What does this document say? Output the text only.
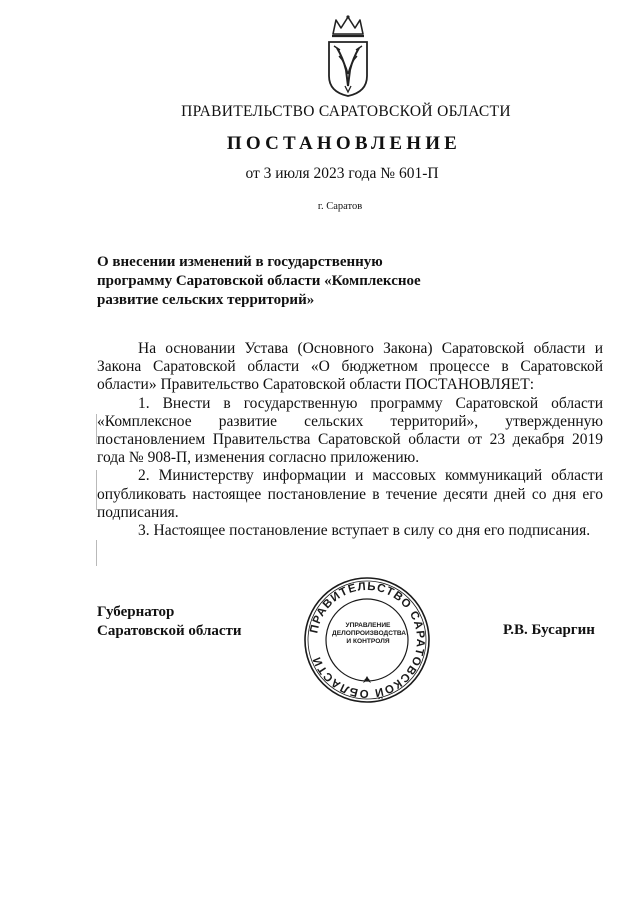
ПРАВИТЕЛЬСТВО САРАТОВСКОЙ ОБЛАСТИ
ПОСТАНОВЛЕНИЕ
от 3 июля 2023 года № 601-П
г. Саратов
О внесении изменений в государственную
программу Саратовской области «Комплексное
развитие сельских территорий»

На основании Устава (Основного Закона) Саратовской области и Закона Саратовской области «О бюджетном процессе в Саратовской области» Правительство Саратовской области ПОСТАНОВЛЯЕТ:

1. Внести в государственную программу Саратовской области «Комплексное развитие сельских территорий», утвержденную постановлением Правительства Саратовской области от 23 декабря 2019 года № 908-П, изменения согласно приложению.

2. Министерству информации и массовых коммуникаций области опубликовать настоящее постановление в течение десяти дней со дня его подписания.

3. Настоящее постановление вступает в силу со дня его подписания.

Губернатор
Саратовской области	ПРАВИТЕЛЬСТВО САРАТОВСКОЙ ОБЛАСТИ
УПРАВЛЕНИЕ
ДЕЛОПРОИЗВОДСТВА
И КОНТРОЛЯ
Р.В. Бусаргин
